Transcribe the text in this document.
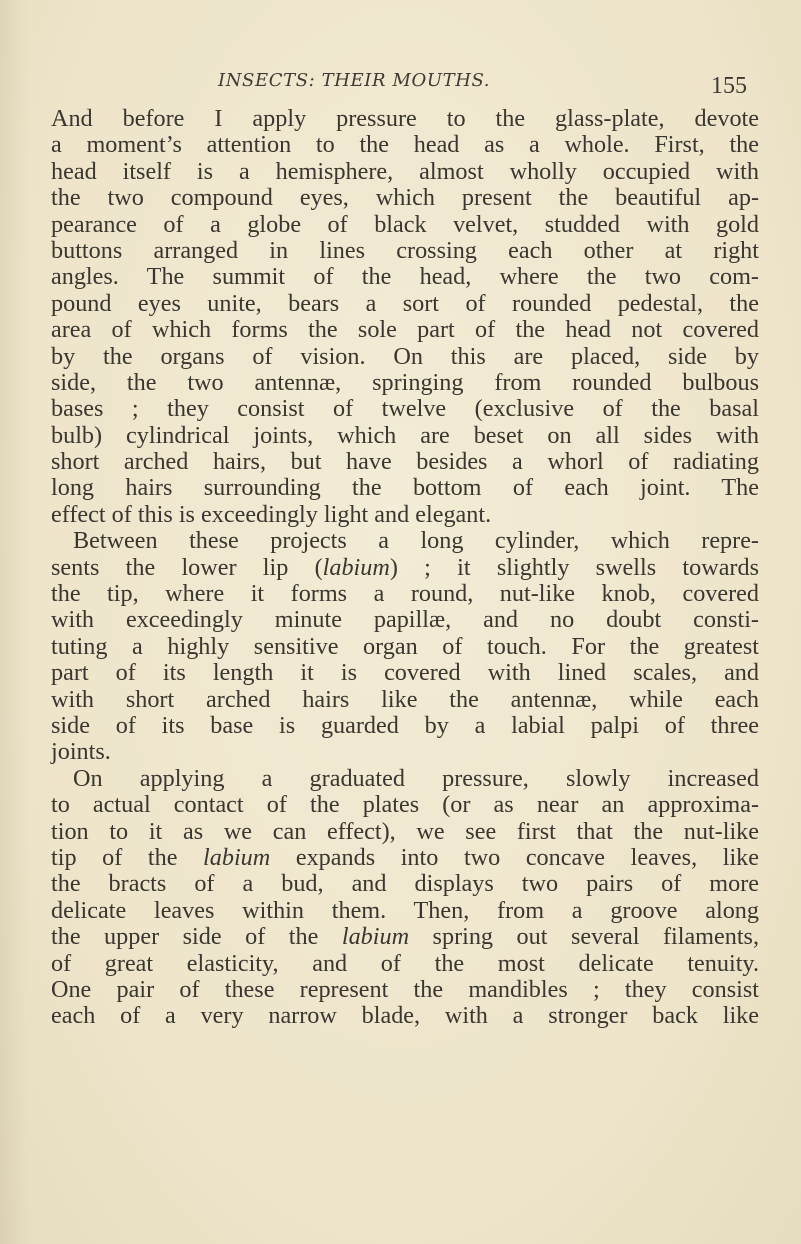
INSECTS: THEIR MOUTHS.	155
And before I apply pressure to the glass-plate, devote
a moment’s attention to the head as a whole. First, the
head itself is a hemisphere, almost wholly occupied with
the two compound eyes, which present the beautiful ap-
pearance of a globe of black velvet, studded with gold
buttons arranged in lines crossing each other at right
angles. The summit of the head, where the two com-
pound eyes unite, bears a sort of rounded pedestal, the
area of which forms the sole part of the head not covered
by the organs of vision. On this are placed, side by
side, the two antennæ, springing from rounded bulbous
bases ; they consist of twelve (exclusive of the basal
bulb) cylindrical joints, which are beset on all sides with
short arched hairs, but have besides a whorl of radiating
long hairs surrounding the bottom of each joint. The
effect of this is exceedingly light and elegant.
Between these projects a long cylinder, which repre-
sents the lower lip (labium) ; it slightly swells towards
the tip, where it forms a round, nut-like knob, covered
with exceedingly minute papillæ, and no doubt consti-
tuting a highly sensitive organ of touch. For the greatest
part of its length it is covered with lined scales, and
with short arched hairs like the antennæ, while each
side of its base is guarded by a labial palpi of three
joints.
On applying a graduated pressure, slowly increased
to actual contact of the plates (or as near an approxima-
tion to it as we can effect), we see first that the nut-like
tip of the labium expands into two concave leaves, like
the bracts of a bud, and displays two pairs of more
delicate leaves within them. Then, from a groove along
the upper side of the labium spring out several filaments,
of great elasticity, and of the most delicate tenuity.
One pair of these represent the mandibles ; they consist
each of a very narrow blade, with a stronger back like
